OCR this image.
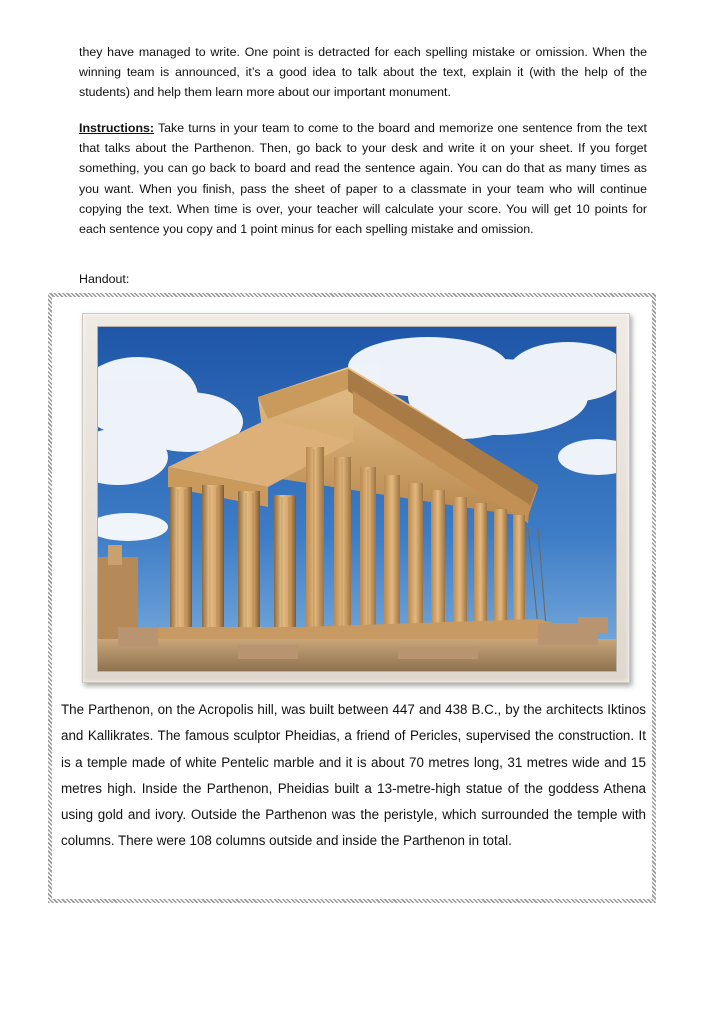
they have managed to write. One point is detracted for each spelling mistake or omission. When the winning team is announced, it’s a good idea to talk about the text, explain it (with the help of the students) and help them learn more about our important monument.

Instructions: Take turns in your team to come to the board and memorize one sentence from the text that talks about the Parthenon. Then, go back to your desk and write it on your sheet. If you forget something, you can go back to board and read the sentence again. You can do that as many times as you want. When you finish, pass the sheet of paper to a classmate in your team who will continue copying the text. When time is over, your teacher will calculate your score. You will get 10 points for each sentence you copy and 1 point minus for each spelling mistake and omission.

Handout:

The Parthenon, on the Acropolis hill, was built between 447 and 438 B.C., by the architects Iktinos and Kallikrates. The famous sculptor Pheidias, a friend of Pericles, supervised the construction. It is a temple made of white Pentelic marble and it is about 70 metres long, 31 metres wide and 15 metres high. Inside the Parthenon, Pheidias built a 13-metre-high statue of the goddess Athena using gold and ivory. Outside the Parthenon was the peristyle, which surrounded the temple with columns. There were 108 columns outside and inside the Parthenon in total.
